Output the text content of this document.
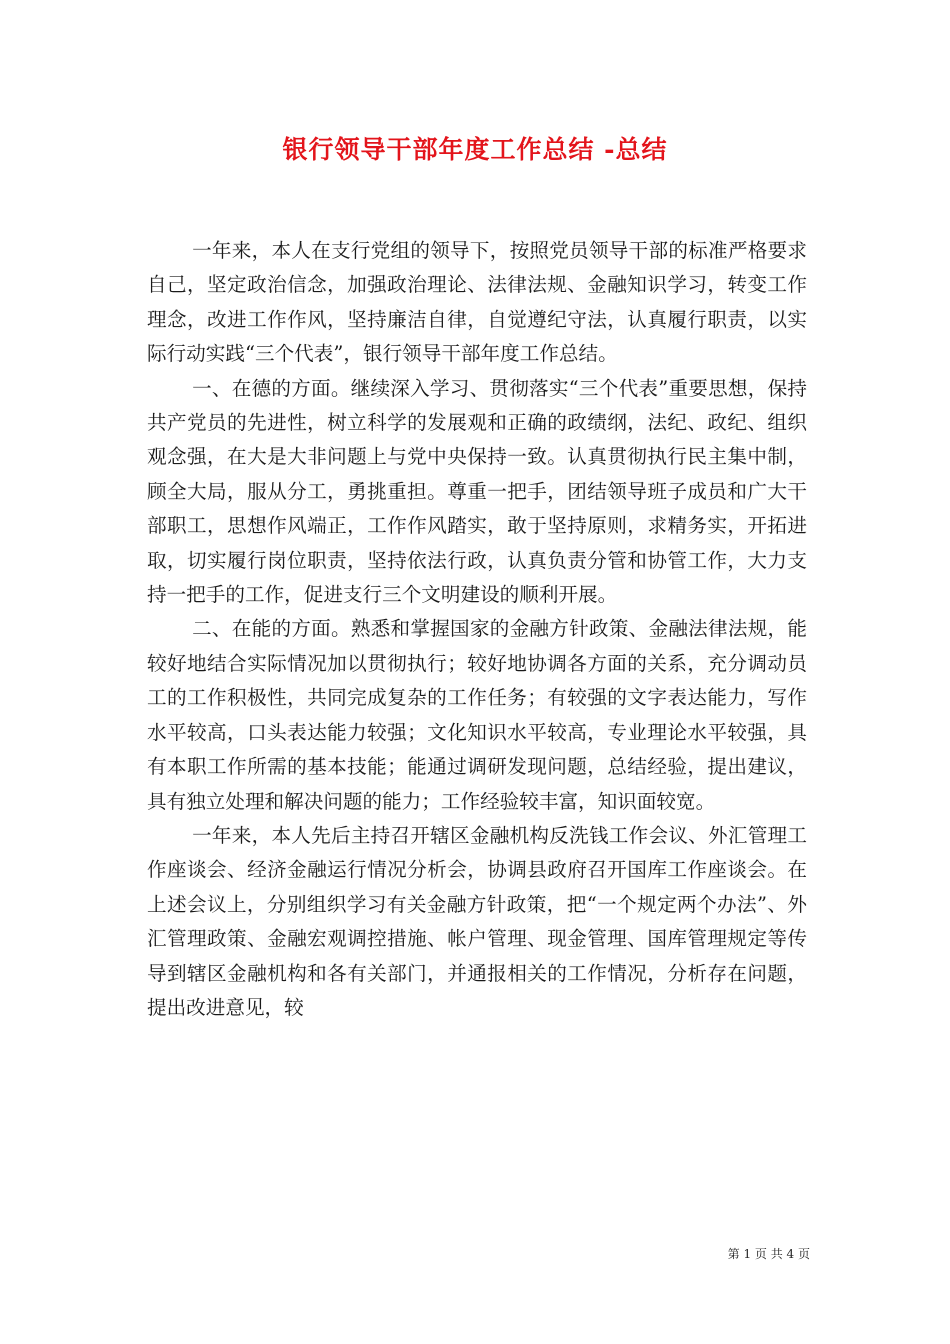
银行领导干部年度工作总结 -总结

一年来，本人在支行党组的领导下，按照党员领导干部的标准严格要求自己，坚定政治信念，加强政治理论、法律法规、金融知识学习，转变工作理念，改进工作作风，坚持廉洁自律，自觉遵纪守法，认真履行职责，以实际行动实践“三个代表”，银行领导干部年度工作总结。

一、在德的方面。继续深入学习、贯彻落实“三个代表”重要思想，保持共产党员的先进性，树立科学的发展观和正确的政绩纲，法纪、政纪、组织观念强，在大是大非问题上与党中央保持一致。认真贯彻执行民主集中制，顾全大局，服从分工，勇挑重担。尊重一把手，团结领导班子成员和广大干部职工，思想作风端正，工作作风踏实，敢于坚持原则，求精务实，开拓进取，切实履行岗位职责，坚持依法行政，认真负责分管和协管工作，大力支持一把手的工作，促进支行三个文明建设的顺利开展。

二、在能的方面。熟悉和掌握国家的金融方针政策、金融法律法规，能较好地结合实际情况加以贯彻执行；较好地协调各方面的关系，充分调动员工的工作积极性，共同完成复杂的工作任务；有较强的文字表达能力，写作水平较高，口头表达能力较强；文化知识水平较高，专业理论水平较强，具有本职工作所需的基本技能；能通过调研发现问题，总结经验，提出建议，具有独立处理和解决问题的能力；工作经验较丰富，知识面较宽。

一年来，本人先后主持召开辖区金融机构反洗钱工作会议、外汇管理工作座谈会、经济金融运行情况分析会，协调县政府召开国库工作座谈会。在上述会议上，分别组织学习有关金融方针政策，把“一个规定两个办法”、外汇管理政策、金融宏观调控措施、帐户管理、现金管理、国库管理规定等传导到辖区金融机构和各有关部门，并通报相关的工作情况，分析存在问题，提出改进意见，较

第 1 页 共 4 页
